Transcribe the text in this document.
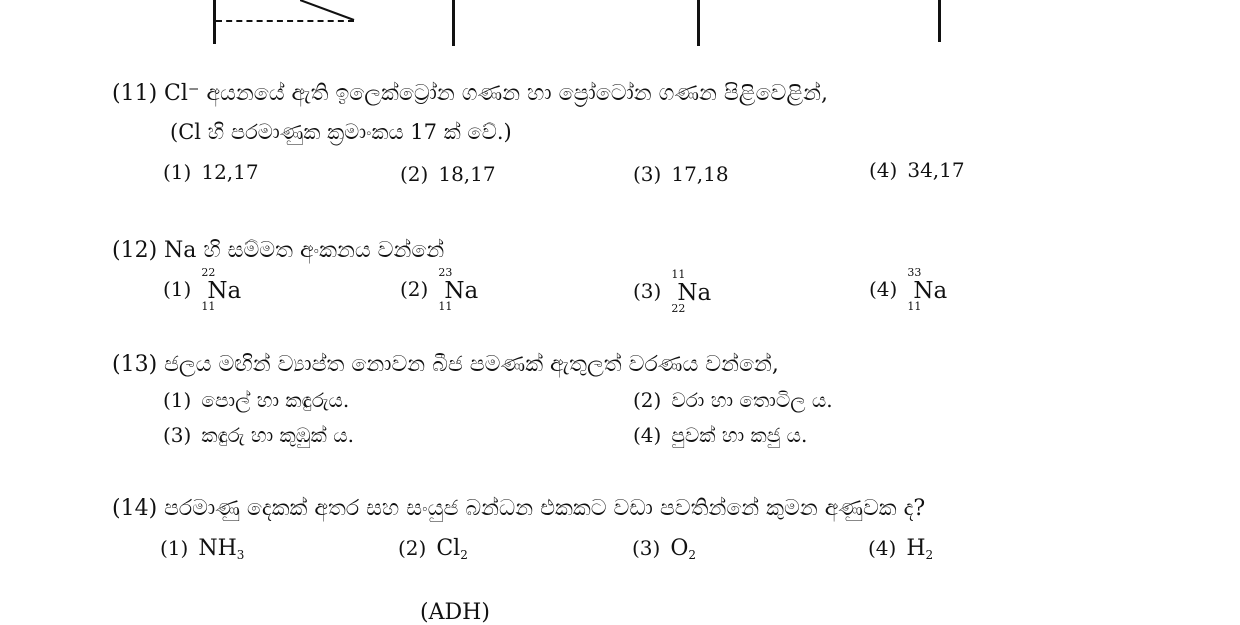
(11) Cl⁻ අයනයේ ඇති ඉලෙක්ට්‍රෝන ගණන හා ප්‍රෝටෝන ගණන පිළිවෙළින්,
(Cl හි පරමාණුක ක්‍රමාංකය 17 ක් වේ.)
(1) 12,17	(2) 18,17	(3) 17,18	(4) 34,17
(12) Na හි සම්මත අංකනය වන්නේ
(1)
22
Na
11
(2)
23
Na
11
(3)
11
Na
22
(4)
33
Na
11
(13) ජලය මඟින් ව්‍යාප්ත නොවන බීජ පමණක් ඇතුලත් වරණය වන්නේ,
(1) පොල් හා කඳුරුය.	(2) වරා හා තොටිල ය.
(3) කඳුරු හා කුඹුක් ය.	(4) පුවක් හා කජු ය.
(14) පරමාණු දෙකක් අතර සහ සංයුජ බන්ධන එකකට වඩා පවතින්නේ කුමන අණුවක ද?
(1) NH3	(2) Cl2	(3) O2	(4) H2
(ADH)
